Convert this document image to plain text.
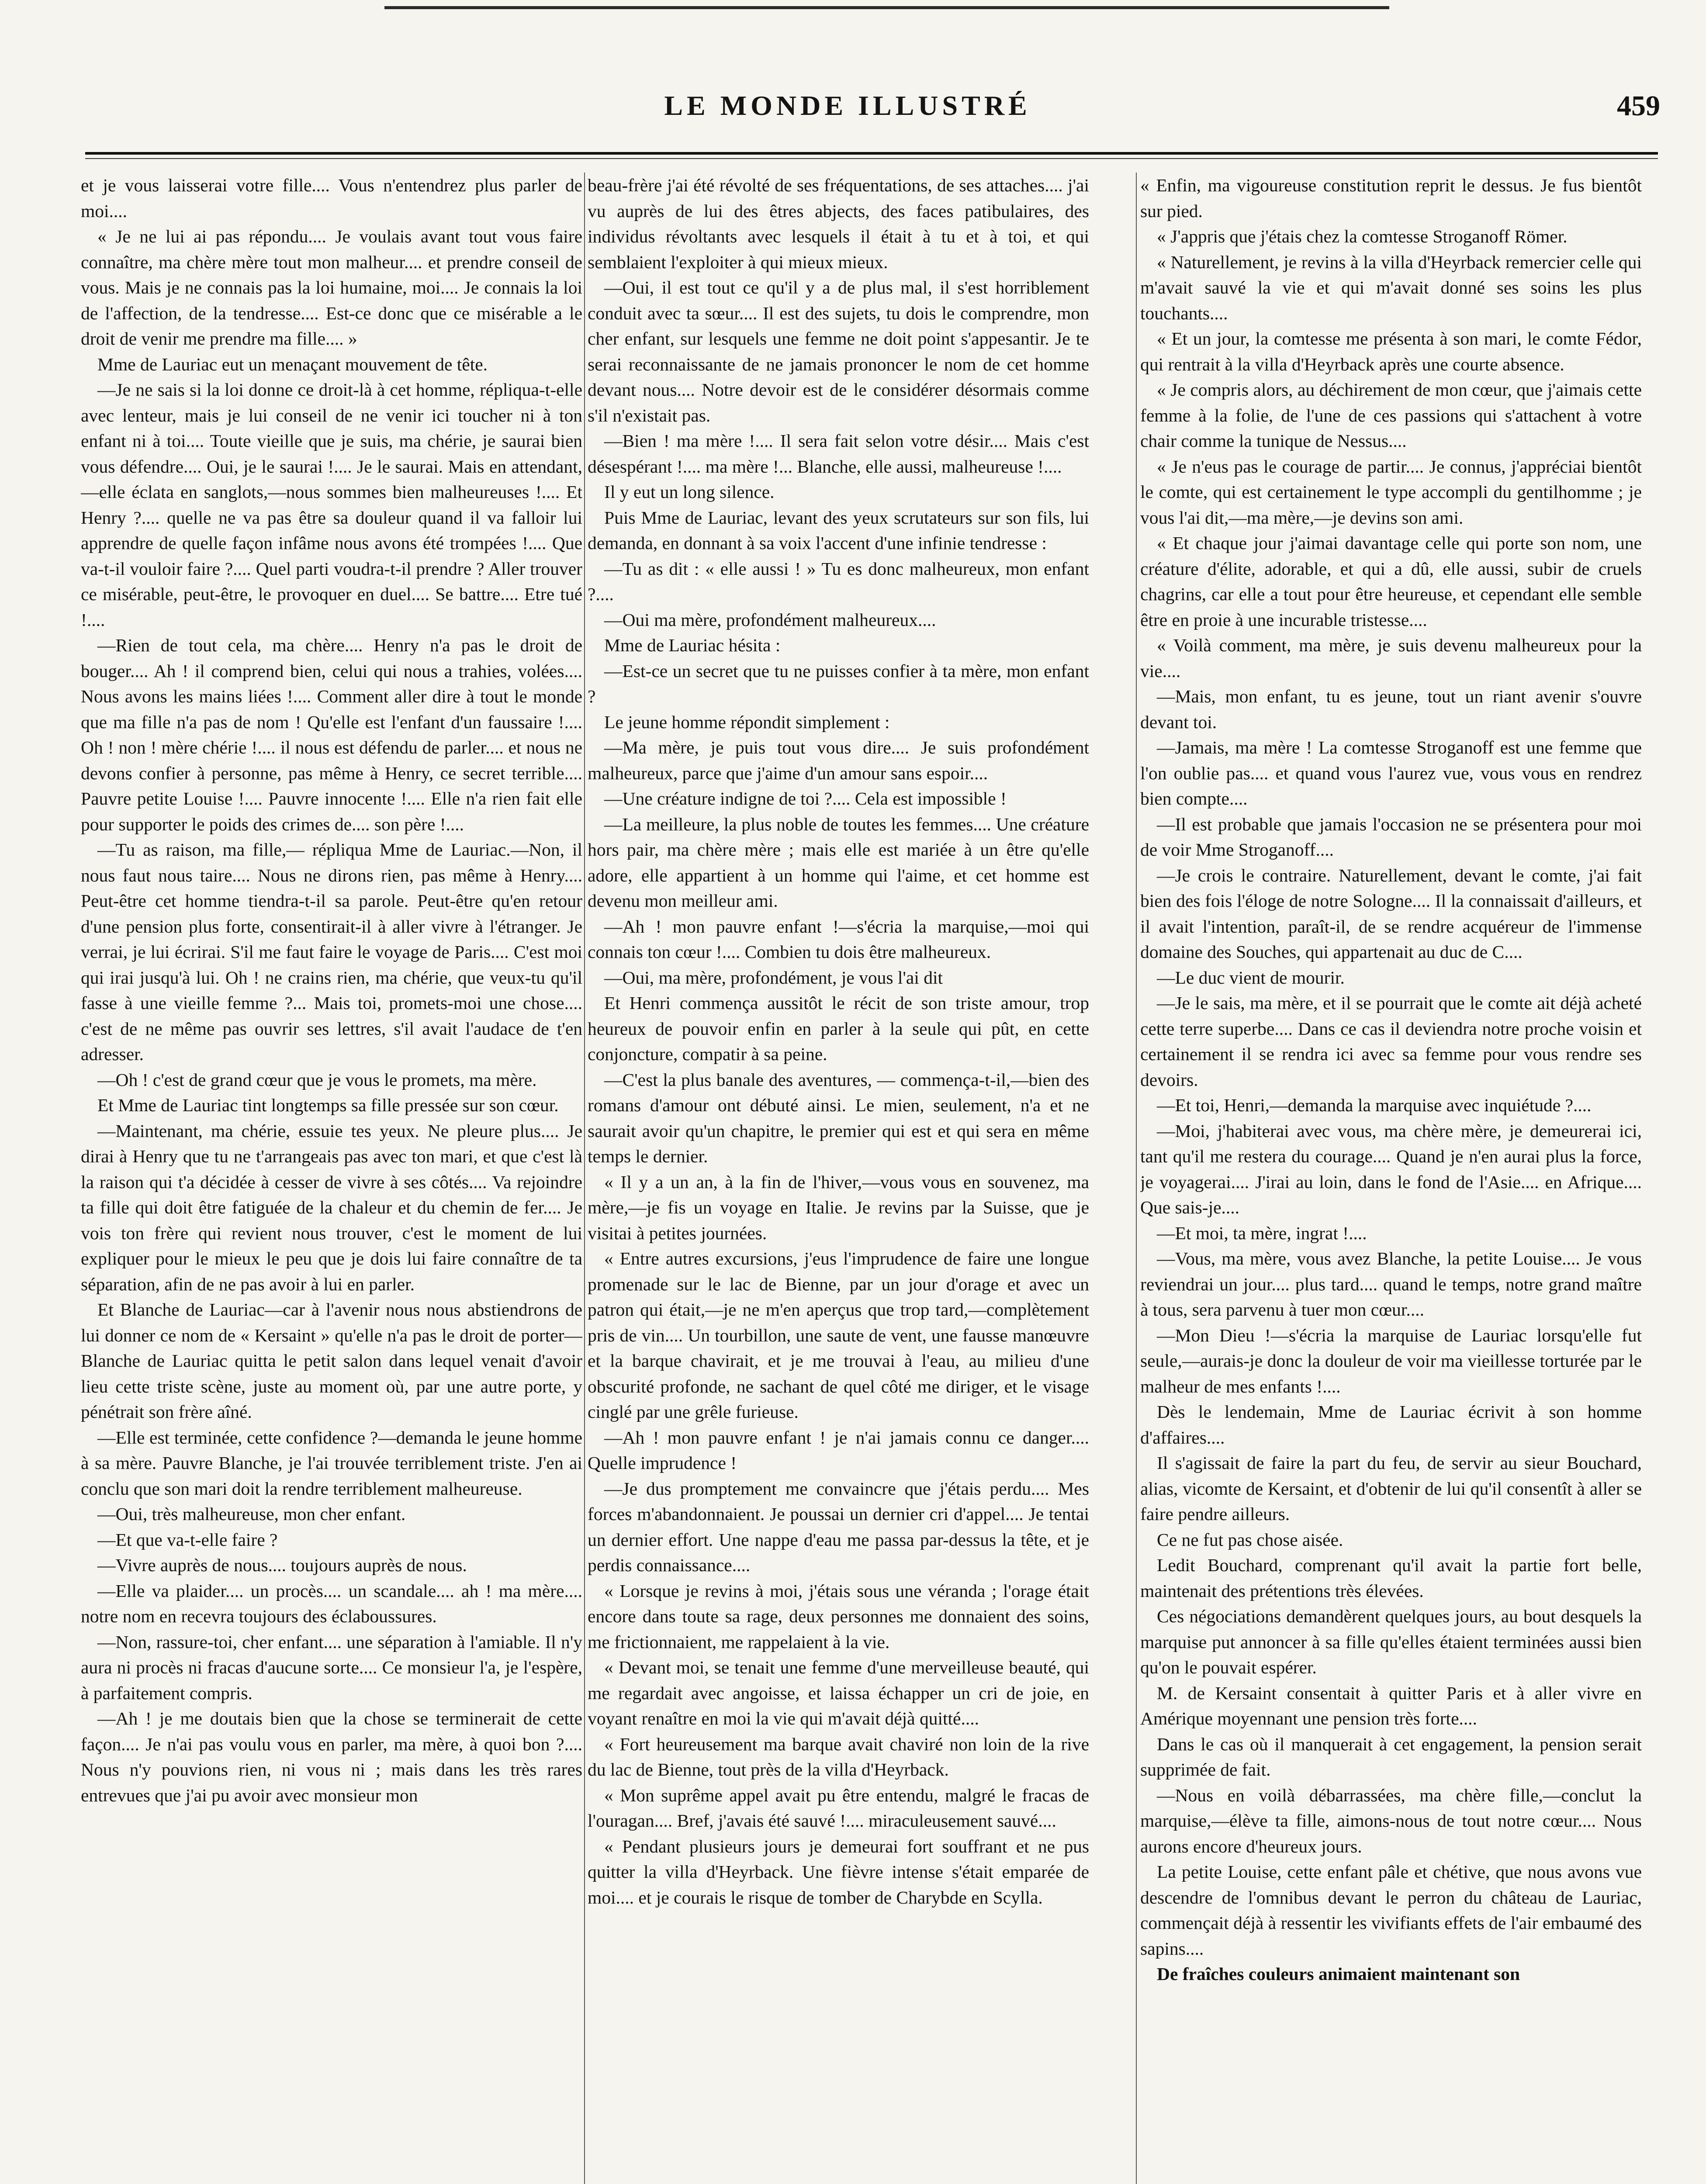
LE MONDE ILLUSTRÉ	459

et je vous laisserai votre fille.... Vous n'entendrez plus parler de moi....

« Je ne lui ai pas répondu.... Je voulais avant tout vous faire connaître, ma chère mère tout mon malheur.... et prendre conseil de vous. Mais je ne connais pas la loi humaine, moi.... Je connais la loi de l'affection, de la tendresse.... Est-ce donc que ce misérable a le droit de venir me prendre ma fille.... »

Mme de Lauriac eut un menaçant mouvement de tête.

—Je ne sais si la loi donne ce droit-là à cet homme, répliqua-t-elle avec lenteur, mais je lui conseil de ne venir ici toucher ni à ton enfant ni à toi.... Toute vieille que je suis, ma chérie, je saurai bien vous défendre.... Oui, je le saurai !.... Je le saurai. Mais en attendant,—elle éclata en sanglots,—nous sommes bien malheureuses !.... Et Henry ?.... quelle ne va pas être sa douleur quand il va falloir lui apprendre de quelle façon infâme nous avons été trompées !.... Que va-t-il vouloir faire ?.... Quel parti voudra-t-il prendre ? Aller trouver ce misérable, peut-être, le provoquer en duel.... Se battre.... Etre tué !....

—Rien de tout cela, ma chère.... Henry n'a pas le droit de bouger.... Ah ! il comprend bien, celui qui nous a trahies, volées.... Nous avons les mains liées !.... Comment aller dire à tout le monde que ma fille n'a pas de nom ! Qu'elle est l'enfant d'un faussaire !.... Oh ! non ! mère chérie !.... il nous est défendu de parler.... et nous ne devons confier à personne, pas même à Henry, ce secret terrible.... Pauvre petite Louise !.... Pauvre innocente !.... Elle n'a rien fait elle pour supporter le poids des crimes de.... son père !....

—Tu as raison, ma fille,— répliqua Mme de Lauriac.—Non, il nous faut nous taire.... Nous ne dirons rien, pas même à Henry.... Peut-être cet homme tiendra-t-il sa parole. Peut-être qu'en retour d'une pension plus forte, consentirait-il à aller vivre à l'étranger. Je verrai, je lui écrirai. S'il me faut faire le voyage de Paris.... C'est moi qui irai jusqu'à lui. Oh ! ne crains rien, ma chérie, que veux-tu qu'il fasse à une vieille femme ?... Mais toi, promets-moi une chose.... c'est de ne même pas ouvrir ses lettres, s'il avait l'audace de t'en adresser.

—Oh ! c'est de grand cœur que je vous le promets, ma mère.

Et Mme de Lauriac tint longtemps sa fille pressée sur son cœur.

—Maintenant, ma chérie, essuie tes yeux. Ne pleure plus.... Je dirai à Henry que tu ne t'arrangeais pas avec ton mari, et que c'est là la raison qui t'a décidée à cesser de vivre à ses côtés.... Va rejoindre ta fille qui doit être fatiguée de la chaleur et du chemin de fer.... Je vois ton frère qui revient nous trouver, c'est le moment de lui expliquer pour le mieux le peu que je dois lui faire connaître de ta séparation, afin de ne pas avoir à lui en parler.

Et Blanche de Lauriac—car à l'avenir nous nous abstiendrons de lui donner ce nom de « Kersaint » qu'elle n'a pas le droit de porter—Blanche de Lauriac quitta le petit salon dans lequel venait d'avoir lieu cette triste scène, juste au moment où, par une autre porte, y pénétrait son frère aîné.

—Elle est terminée, cette confidence ?—demanda le jeune homme à sa mère. Pauvre Blanche, je l'ai trouvée terriblement triste. J'en ai conclu que son mari doit la rendre terriblement malheureuse.

—Oui, très malheureuse, mon cher enfant.

—Et que va-t-elle faire ?

—Vivre auprès de nous.... toujours auprès de nous.

—Elle va plaider.... un procès.... un scandale.... ah ! ma mère.... notre nom en recevra toujours des éclaboussures.

—Non, rassure-toi, cher enfant.... une séparation à l'amiable. Il n'y aura ni procès ni fracas d'aucune sorte.... Ce monsieur l'a, je l'espère, à parfaitement compris.

—Ah ! je me doutais bien que la chose se terminerait de cette façon.... Je n'ai pas voulu vous en parler, ma mère, à quoi bon ?.... Nous n'y pouvions rien, ni vous ni ; mais dans les très rares entrevues que j'ai pu avoir avec monsieur mon

beau-frère j'ai été révolté de ses fréquentations, de ses attaches.... j'ai vu auprès de lui des êtres abjects, des faces patibulaires, des individus révoltants avec lesquels il était à tu et à toi, et qui semblaient l'exploiter à qui mieux mieux.

—Oui, il est tout ce qu'il y a de plus mal, il s'est horriblement conduit avec ta sœur.... Il est des sujets, tu dois le comprendre, mon cher enfant, sur lesquels une femme ne doit point s'appesantir. Je te serai reconnaissante de ne jamais prononcer le nom de cet homme devant nous.... Notre devoir est de le considérer désormais comme s'il n'existait pas.

—Bien ! ma mère !.... Il sera fait selon votre désir.... Mais c'est désespérant !.... ma mère !... Blanche, elle aussi, malheureuse !....

Il y eut un long silence.

Puis Mme de Lauriac, levant des yeux scrutateurs sur son fils, lui demanda, en donnant à sa voix l'accent d'une infinie tendresse :

—Tu as dit : « elle aussi ! » Tu es donc malheureux, mon enfant ?....

—Oui ma mère, profondément malheureux....

Mme de Lauriac hésita :

—Est-ce un secret que tu ne puisses confier à ta mère, mon enfant ?

Le jeune homme répondit simplement :

—Ma mère, je puis tout vous dire.... Je suis profondément malheureux, parce que j'aime d'un amour sans espoir....

—Une créature indigne de toi ?.... Cela est impossible !

—La meilleure, la plus noble de toutes les femmes.... Une créature hors pair, ma chère mère ; mais elle est mariée à un être qu'elle adore, elle appartient à un homme qui l'aime, et cet homme est devenu mon meilleur ami.

—Ah ! mon pauvre enfant !—s'écria la marquise,—moi qui connais ton cœur !.... Combien tu dois être malheureux.

—Oui, ma mère, profondément, je vous l'ai dit

Et Henri commença aussitôt le récit de son triste amour, trop heureux de pouvoir enfin en parler à la seule qui pût, en cette conjoncture, compatir à sa peine.

—C'est la plus banale des aventures, — commença-t-il,—bien des romans d'amour ont débuté ainsi. Le mien, seulement, n'a et ne saurait avoir qu'un chapitre, le premier qui est et qui sera en même temps le dernier.

« Il y a un an, à la fin de l'hiver,—vous vous en souvenez, ma mère,—je fis un voyage en Italie. Je revins par la Suisse, que je visitai à petites journées.

« Entre autres excursions, j'eus l'imprudence de faire une longue promenade sur le lac de Bienne, par un jour d'orage et avec un patron qui était,—je ne m'en aperçus que trop tard,—complètement pris de vin.... Un tourbillon, une saute de vent, une fausse manœuvre et la barque chavirait, et je me trouvai à l'eau, au milieu d'une obscurité profonde, ne sachant de quel côté me diriger, et le visage cinglé par une grêle furieuse.

—Ah ! mon pauvre enfant ! je n'ai jamais connu ce danger.... Quelle imprudence !

—Je dus promptement me convaincre que j'étais perdu.... Mes forces m'abandonnaient. Je poussai un dernier cri d'appel.... Je tentai un dernier effort. Une nappe d'eau me passa par-dessus la tête, et je perdis connaissance....

« Lorsque je revins à moi, j'étais sous une véranda ; l'orage était encore dans toute sa rage, deux personnes me donnaient des soins, me frictionnaient, me rappelaient à la vie.

« Devant moi, se tenait une femme d'une merveilleuse beauté, qui me regardait avec angoisse, et laissa échapper un cri de joie, en voyant renaître en moi la vie qui m'avait déjà quitté....

« Fort heureusement ma barque avait chaviré non loin de la rive du lac de Bienne, tout près de la villa d'Heyrback.

« Mon suprême appel avait pu être entendu, malgré le fracas de l'ouragan.... Bref, j'avais été sauvé !.... miraculeusement sauvé....

« Pendant plusieurs jours je demeurai fort souffrant et ne pus quitter la villa d'Heyrback. Une fièvre intense s'était emparée de moi.... et je courais le risque de tomber de Charybde en Scylla.

« Enfin, ma vigoureuse constitution reprit le dessus. Je fus bientôt sur pied.

« J'appris que j'étais chez la comtesse Stroganoff Römer.

« Naturellement, je revins à la villa d'Heyrback remercier celle qui m'avait sauvé la vie et qui m'avait donné ses soins les plus touchants....

« Et un jour, la comtesse me présenta à son mari, le comte Fédor, qui rentrait à la villa d'Heyrback après une courte absence.

« Je compris alors, au déchirement de mon cœur, que j'aimais cette femme à la folie, de l'une de ces passions qui s'attachent à votre chair comme la tunique de Nessus....

« Je n'eus pas le courage de partir.... Je connus, j'appréciai bientôt le comte, qui est certainement le type accompli du gentilhomme ; je vous l'ai dit,—ma mère,—je devins son ami.

« Et chaque jour j'aimai davantage celle qui porte son nom, une créature d'élite, adorable, et qui a dû, elle aussi, subir de cruels chagrins, car elle a tout pour être heureuse, et cependant elle semble être en proie à une incurable tristesse....

« Voilà comment, ma mère, je suis devenu malheureux pour la vie....

—Mais, mon enfant, tu es jeune, tout un riant avenir s'ouvre devant toi.

—Jamais, ma mère ! La comtesse Stroganoff est une femme que l'on oublie pas.... et quand vous l'aurez vue, vous vous en rendrez bien compte....

—Il est probable que jamais l'occasion ne se présentera pour moi de voir Mme Stroganoff....

—Je crois le contraire. Naturellement, devant le comte, j'ai fait bien des fois l'éloge de notre Sologne.... Il la connaissait d'ailleurs, et il avait l'intention, paraît-il, de se rendre acquéreur de l'immense domaine des Souches, qui appartenait au duc de C....

—Le duc vient de mourir.

—Je le sais, ma mère, et il se pourrait que le comte ait déjà acheté cette terre superbe.... Dans ce cas il deviendra notre proche voisin et certainement il se rendra ici avec sa femme pour vous rendre ses devoirs.

—Et toi, Henri,—demanda la marquise avec inquiétude ?....

—Moi, j'habiterai avec vous, ma chère mère, je demeurerai ici, tant qu'il me restera du courage.... Quand je n'en aurai plus la force, je voyagerai.... J'irai au loin, dans le fond de l'Asie.... en Afrique.... Que sais-je....

—Et moi, ta mère, ingrat !....

—Vous, ma mère, vous avez Blanche, la petite Louise.... Je vous reviendrai un jour.... plus tard.... quand le temps, notre grand maître à tous, sera parvenu à tuer mon cœur....

—Mon Dieu !—s'écria la marquise de Lauriac lorsqu'elle fut seule,—aurais-je donc la douleur de voir ma vieillesse torturée par le malheur de mes enfants !....

Dès le lendemain, Mme de Lauriac écrivit à son homme d'affaires....

Il s'agissait de faire la part du feu, de servir au sieur Bouchard, alias, vicomte de Kersaint, et d'obtenir de lui qu'il consentît à aller se faire pendre ailleurs.

Ce ne fut pas chose aisée.

Ledit Bouchard, comprenant qu'il avait la partie fort belle, maintenait des prétentions très élevées.

Ces négociations demandèrent quelques jours, au bout desquels la marquise put annoncer à sa fille qu'elles étaient terminées aussi bien qu'on le pouvait espérer.

M. de Kersaint consentait à quitter Paris et à aller vivre en Amérique moyennant une pension très forte....

Dans le cas où il manquerait à cet engagement, la pension serait supprimée de fait.

—Nous en voilà débarrassées, ma chère fille,—conclut la marquise,—élève ta fille, aimons-nous de tout notre cœur.... Nous aurons encore d'heureux jours.

La petite Louise, cette enfant pâle et chétive, que nous avons vue descendre de l'omnibus devant le perron du château de Lauriac, commençait déjà à ressentir les vivifiants effets de l'air embaumé des sapins....

De fraîches couleurs animaient maintenant son
